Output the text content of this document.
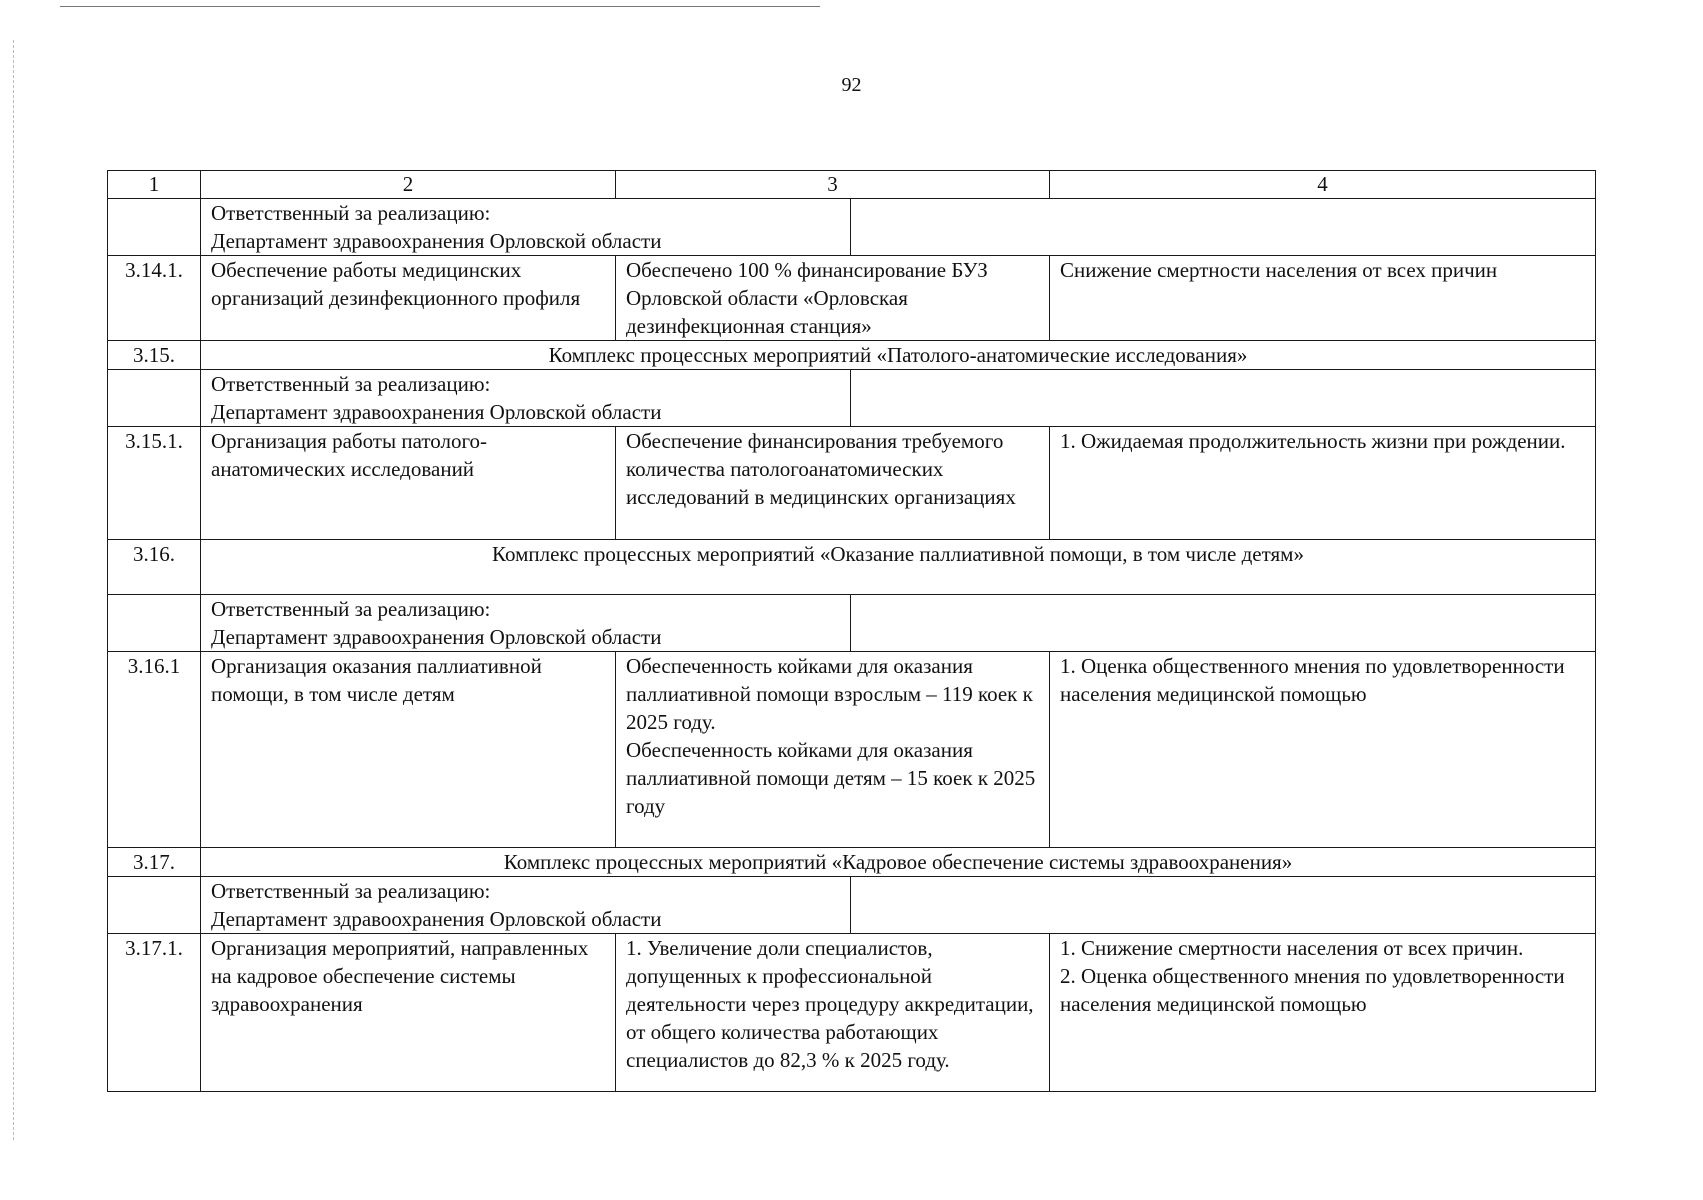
92
1	2	3	4

	Ответственный за реализацию:
Департамент здравоохранения Орловской области		

3.14.1.	Обеспечение работы медицинских организаций дезинфекционного профиля	Обеспечено 100 % финансирование БУЗ Орловской области «Орловская дезинфекционная станция»	Снижение смертности населения от всех причин
3.15.	Комплекс процессных мероприятий «Патолого-анатомические исследования»		

	Ответственный за реализацию:
Департамент здравоохранения Орловской области		

3.15.1.	Организация работы патолого-анатомических исследований	Обеспечение финансирования требуемого количества патологоанатомических исследований в медицинских организациях	1. Ожидаемая продолжительность жизни при рождении.
3.16.	Комплекс процессных мероприятий «Оказание паллиативной помощи, в том числе детям»		

	Ответственный за реализацию:
Департамент здравоохранения Орловской области		

3.16.1	Организация оказания паллиативной помощи, в том числе детям	Обеспеченность койками для оказания паллиативной помощи взрослым – 119 коек к 2025 году.
Обеспеченность койками для оказания паллиативной помощи детям – 15 коек к 2025 году	1. Оценка общественного мнения по удовлетворенности населения медицинской помощью
3.17.	Комплекс процессных мероприятий «Кадровое обеспечение системы здравоохранения»		

	Ответственный за реализацию:
Департамент здравоохранения Орловской области		

3.17.1.	Организация мероприятий, направленных на кадровое обеспечение системы здравоохранения	1. Увеличение доли специалистов, допущенных к профессиональной деятельности через процедуру аккредитации, от общего количества работающих специалистов до 82,3 % к 2025 году.	1. Снижение смертности населения от всех причин.
2. Оценка общественного мнения по удовлетворенности населения медицинской помощью
